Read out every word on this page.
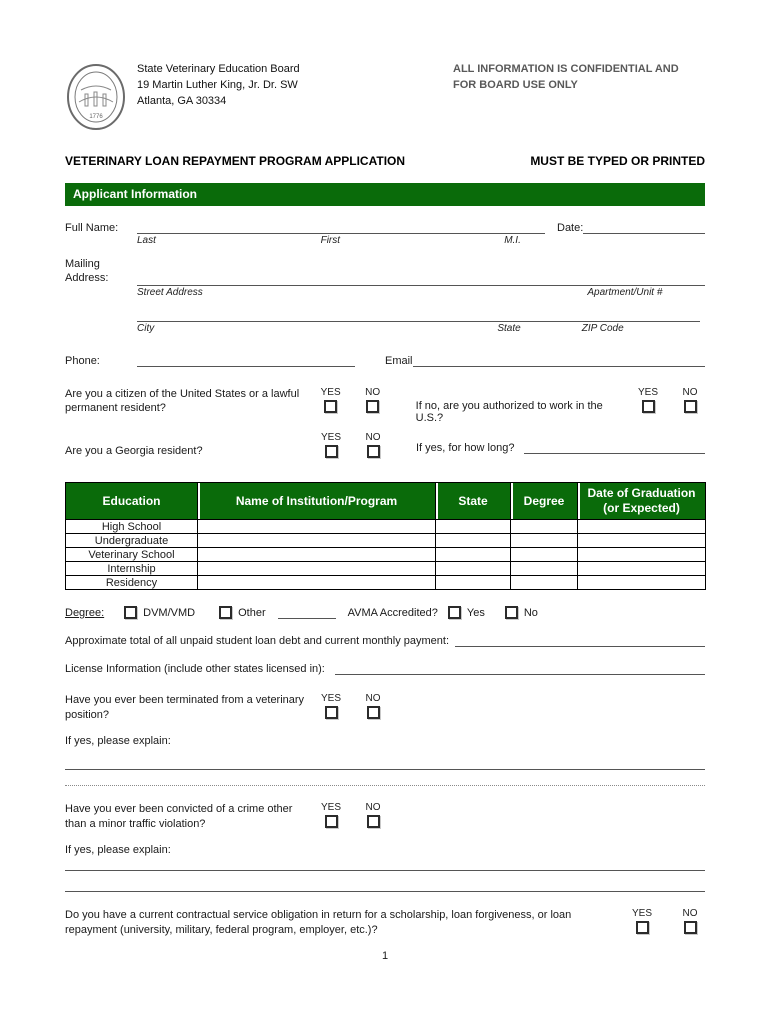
1776
State Veterinary Education Board
19 Martin Luther King, Jr. Dr. SW
Atlanta, GA 30334
ALL INFORMATION IS CONFIDENTIAL AND
FOR BOARD USE ONLY
VETERINARY LOAN REPAYMENT PROGRAM APPLICATION	MUST BE TYPED OR PRINTED
Applicant Information
Full Name:	Date:
Last	First	M.I.
Mailing Address:
Street Address	Apartment/Unit #
City	State	ZIP Code
Phone:	Email
Are you a citizen of the United States or a lawful permanent resident?
YES NO
If no, are you authorized to work in the U.S.?
YES NO
Are you a Georgia resident?
YES NO
If yes, for how long?
Education	Name of Institution/Program	State	Degree	Date of Graduation (or Expected)
High School				
Undergraduate				
Veterinary School				
Internship				
Residency				
Degree:	DVM/VMD	Other	AVMA Accredited?	Yes	No
Approximate total of all unpaid student loan debt and current monthly payment:
License Information (include other states licensed in):
Have you ever been terminated from a veterinary position?
YES NO
If yes, please explain:
Have you ever been convicted of a crime other than a minor traffic violation?
YES NO
If yes, please explain:
Do you have a current contractual service obligation in return for a scholarship, loan forgiveness, or loan repayment (university, military, federal program, employer, etc.)?
YES	NO
1
